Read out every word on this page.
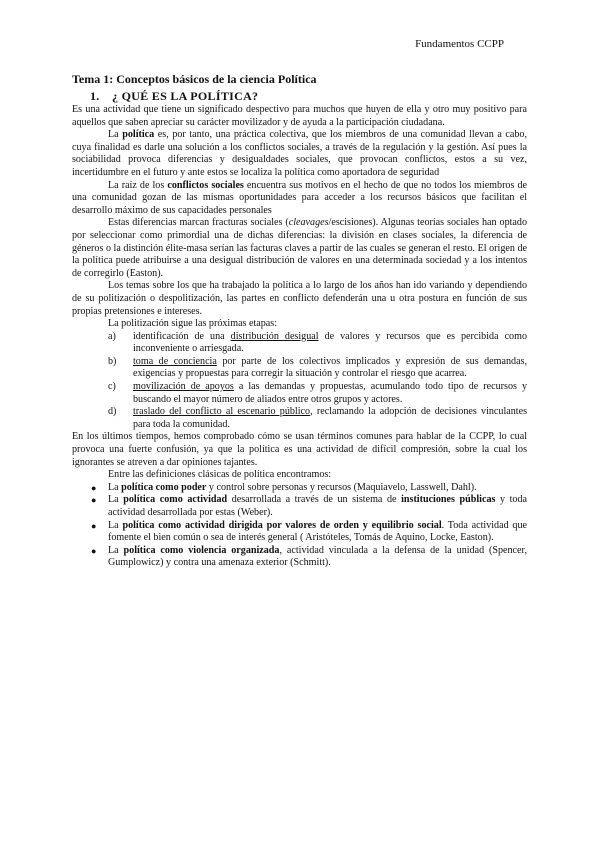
Fundamentos CCPP
Tema 1: Conceptos básicos de la ciencia Política
1. ¿ QUÉ ES LA POLÍTICA?

Es una actividad que tiene un significado despectivo para muchos que huyen de ella y otro muy positivo para aquellos que saben apreciar su carácter movilizador y de ayuda a la participación ciudadana.

La política es, por tanto, una práctica colectiva, que los miembros de una comunidad llevan a cabo, cuya finalidad es darle una solución a los conflictos sociales, a través de la regulación y la gestión. Así pues la sociabilidad provoca diferencias y desigualdades sociales, que provocan conflictos, estos a su vez, incertidumbre en el futuro y ante estos se localiza la política como aportadora de seguridad

La raíz de los conflictos sociales encuentra sus motivos en el hecho de que no todos los miembros de una comunidad gozan de las mismas oportunidades para acceder a los recursos básicos que facilitan el desarrollo máximo de sus capacidades personales

Estas diferencias marcan fracturas sociales (cleavages/escisiones). Algunas teorías sociales han optado por seleccionar como primordial una de dichas diferencias: la división en clases sociales, la diferencia de géneros o la distinción élite-masa serían las facturas claves a partir de las cuales se generan el resto. El origen de la política puede atribuirse a una desigual distribución de valores en una determinada sociedad y a los intentos de corregirlo (Easton).

Los temas sobre los que ha trabajado la política a lo largo de los años han ido variando y dependiendo de su politización o despolitización, las partes en conflicto defenderán una u otra postura en función de sus propias pretensiones e intereses.

La politización sigue las próximas etapas:

a) identificación de una distribución desigual de valores y recursos que es percibida como inconveniente o arriesgada.
b) toma de conciencia por parte de los colectivos implicados y expresión de sus demandas, exigencias y propuestas para corregir la situación y controlar el riesgo que acarrea.
c) movilización de apoyos a las demandas y propuestas, acumulando todo tipo de recursos y buscando el mayor número de aliados entre otros grupos y actores.
d) traslado del conflicto al escenario público, reclamando la adopción de decisiones vinculantes para toda la comunidad.

En los últimos tiempos, hemos comprobado cómo se usan términos comunes para hablar de la CCPP, lo cual provoca una fuerte confusión, ya que la política es una actividad de difícil compresión, sobre la cual los ignorantes se atreven a dar opiniones tajantes.

Entre las definiciones clásicas de política encontramos:

● La política como poder y control sobre personas y recursos (Maquiavelo, Lasswell, Dahl).
● La política como actividad desarrollada a través de un sistema de instituciones públicas y toda actividad desarrollada por estas (Weber).
● La política como actividad dirigida por valores de orden y equilibrio social. Toda actividad que fomente el bien común o sea de interés general ( Aristóteles, Tomás de Aquino, Locke, Easton).
● La política como violencia organizada, actividad vinculada a la defensa de la unidad (Spencer, Gumplowicz) y contra una amenaza exterior (Schmitt).
